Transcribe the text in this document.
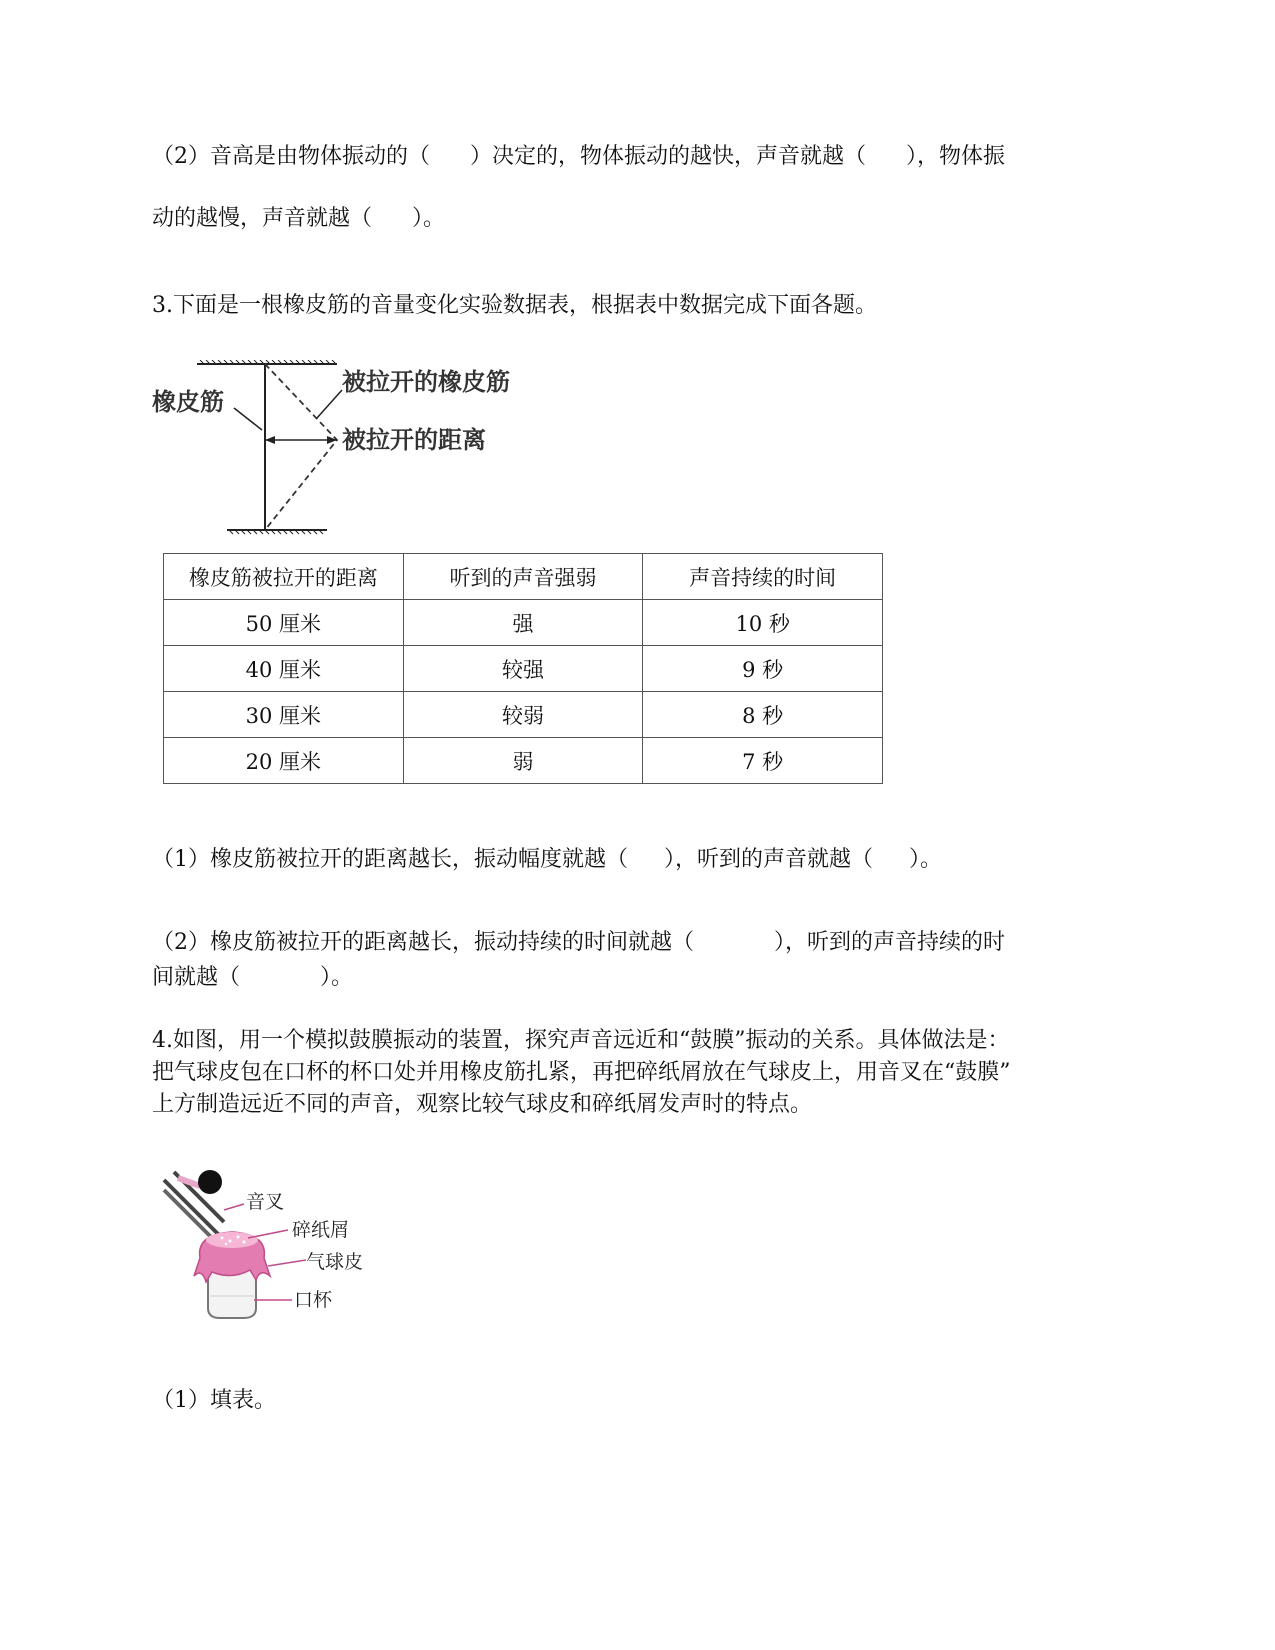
（2）音高是由物体振动的（ ）决定的，物体振动的越快，声音就越（ ），物体振
动的越慢，声音就越（ ）。
3.下面是一根橡皮筋的音量变化实验数据表，根据表中数据完成下面各题。
橡皮筋
被拉开的橡皮筋
被拉开的距离
橡皮筋被拉开的距离	听到的声音强弱	声音持续的时间
50 厘米	强	10 秒
40 厘米	较强	9 秒
30 厘米	较弱	8 秒
20 厘米	弱	7 秒
（1）橡皮筋被拉开的距离越长，振动幅度就越（ ），听到的声音就越（ ）。
（2）橡皮筋被拉开的距离越长，振动持续的时间就越（	），听到的声音持续的时
间就越（	）。
4.如图，用一个模拟鼓膜振动的装置，探究声音远近和“鼓膜”振动的关系。具体做法是：
把气球皮包在口杯的杯口处并用橡皮筋扎紧，再把碎纸屑放在气球皮上，用音叉在“鼓膜”
上方制造远近不同的声音，观察比较气球皮和碎纸屑发声时的特点。
音叉
碎纸屑
气球皮
口杯
（1）填表。
